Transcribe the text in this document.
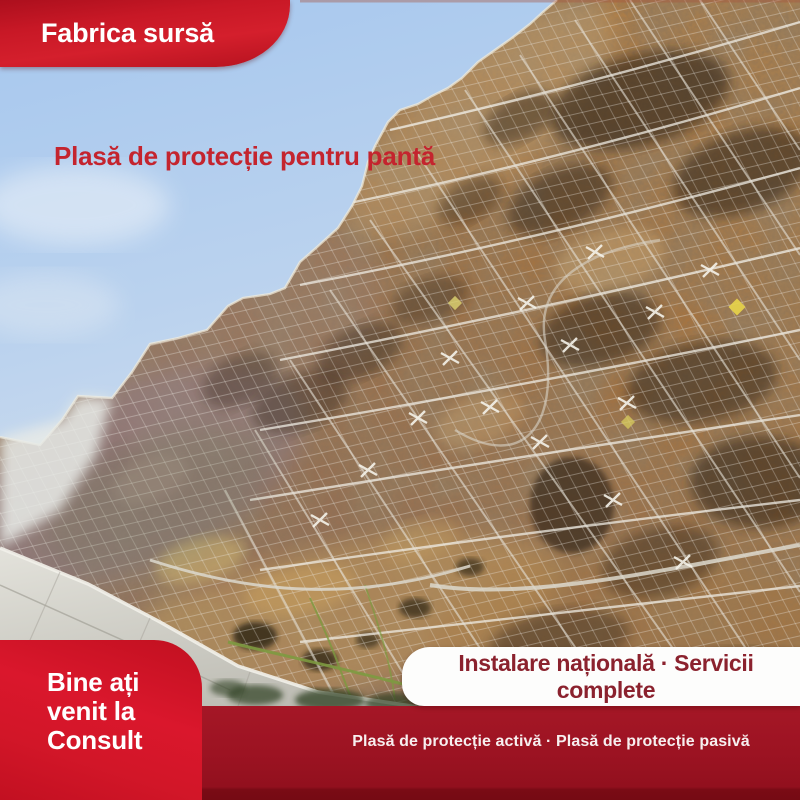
Plasă de protecție pentru pantă
Fabrica sursă
Bine ați
venit la
Consult
Instalare națională · Servicii
complete
Plasă de protecție activă · Plasă de protecție pasivă
